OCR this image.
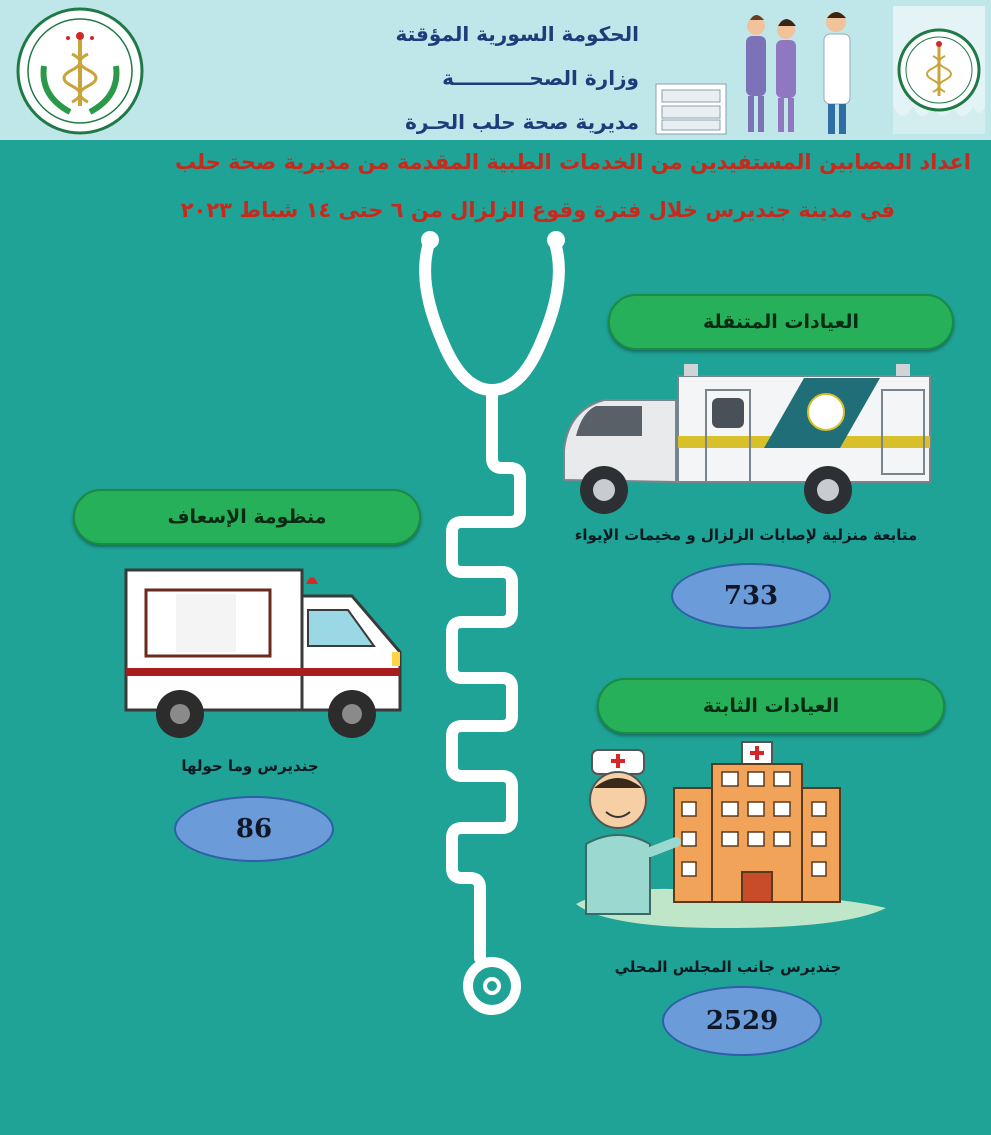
الحكومة السورية المؤقتة
وزارة الصحـــــــــــة
مديرية صحة حلب الحـرة
اعداد المصابين المستفيدين من الخدمات الطبية المقدمة من مديرية صحة حلب
في مدينة جنديرس خلال فترة وقوع الزلزال من ٦ حتى ١٤ شباط ٢٠٢٣
العيادات المتنقلة
متابعة منزلية لإصابات الزلزال و مخيمات الإيواء
733
منظومة الإسعاف
جنديرس وما حولها
86
العيادات الثابتة
جنديرس جانب المجلس المحلي
2529
